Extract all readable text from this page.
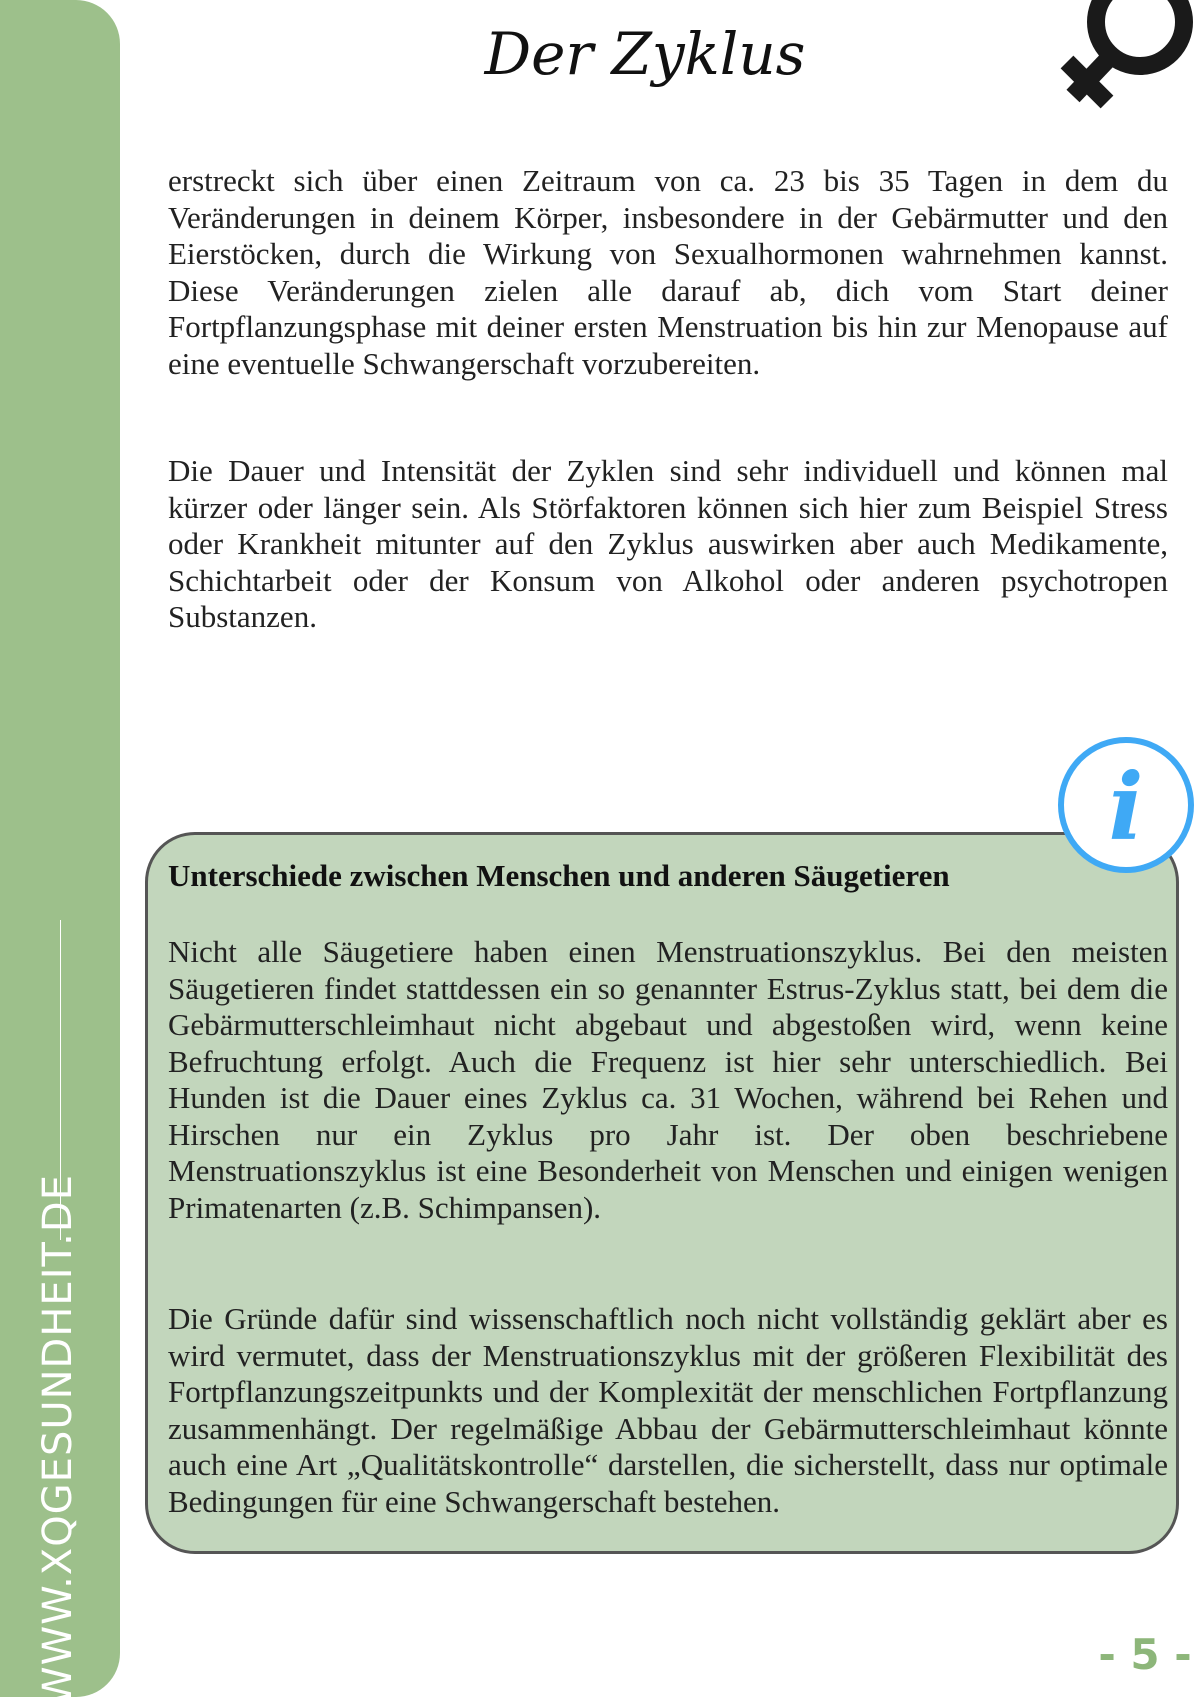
WWW.XQGESUNDHEIT.DE
Der Zyklus

erstreckt sich über einen Zeitraum von ca. 23 bis 35 Tagen in dem du Veränderungen in deinem Körper, insbesondere in der Gebärmutter und den Eierstöcken, durch die Wirkung von Sexualhormonen wahrnehmen kannst. Diese Veränderungen zielen alle darauf ab, dich vom Start deiner Fortpflanzungsphase mit deiner ersten Menstruation bis hin zur Menopause auf eine eventuelle Schwangerschaft vorzubereiten.

Die Dauer und Intensität der Zyklen sind sehr individuell und können mal kürzer oder länger sein. Als Störfaktoren können sich hier zum Beispiel Stress oder Krankheit mitunter auf den Zyklus auswirken aber auch Medikamente, Schichtarbeit oder der Konsum von Alkohol oder anderen psychotropen Substanzen.

Unterschiede zwischen Menschen und anderen Säugetieren

Nicht alle Säugetiere haben einen Menstruationszyklus. Bei den meisten Säugetieren findet stattdessen ein so genannter Estrus-Zyklus statt, bei dem die Gebärmutterschleimhaut nicht abgebaut und abgestoßen wird, wenn keine Befruchtung erfolgt. Auch die Frequenz ist hier sehr unterschiedlich. Bei Hunden ist die Dauer eines Zyklus ca. 31 Wochen, während bei Rehen und Hirschen nur ein Zyklus pro Jahr ist. Der oben beschriebene Menstruationszyklus ist eine Besonderheit von Menschen und einigen wenigen Primatenarten (z.B. Schimpansen).

Die Gründe dafür sind wissenschaftlich noch nicht vollständig geklärt aber es wird vermutet, dass der Menstruationszyklus mit der größeren Flexibilität des Fortpflanzungszeitpunkts und der Komplexität der menschlichen Fortpflanzung zusammenhängt. Der regelmäßige Abbau der Gebärmutterschleimhaut könnte auch eine Art „Qualitätskontrolle“ darstellen, die sicherstellt, dass nur optimale Bedingungen für eine Schwangerschaft bestehen.

i
- 5 -
